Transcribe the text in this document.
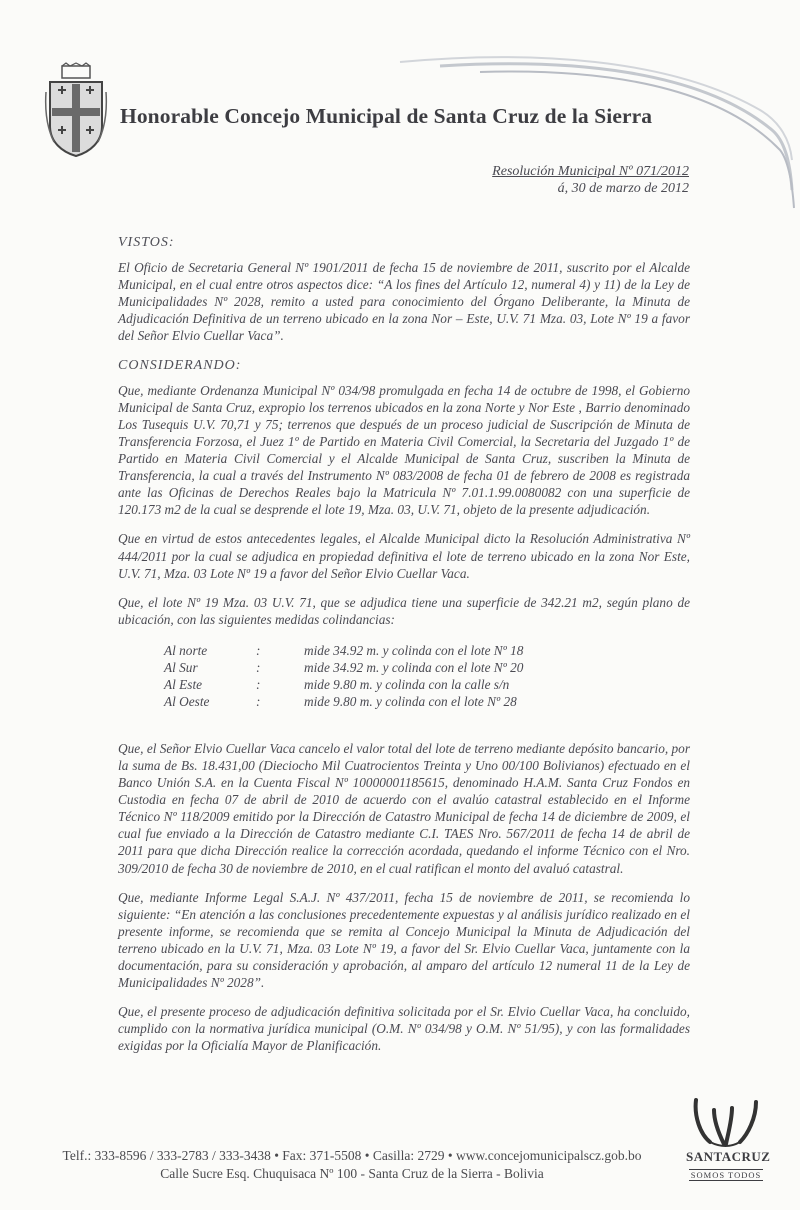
Honorable Concejo Municipal de Santa Cruz de la Sierra
Resolución Municipal Nº 071/2012
á, 30 de marzo de 2012
VISTOS:

El Oficio de Secretaria General Nº 1901/2011 de fecha 15 de noviembre de 2011, suscrito por el Alcalde Municipal, en el cual entre otros aspectos dice: “A los fines del Artículo 12, numeral 4) y 11) de la Ley de Municipalidades Nº 2028, remito a usted para conocimiento del Órgano Deliberante, la Minuta de Adjudicación Definitiva de un terreno ubicado en la zona Nor – Este, U.V. 71 Mza. 03, Lote Nº 19 a favor del Señor Elvio Cuellar Vaca”.

CONSIDERANDO:

Que, mediante Ordenanza Municipal Nº 034/98 promulgada en fecha 14 de octubre de 1998, el Gobierno Municipal de Santa Cruz, expropio los terrenos ubicados en la zona Norte y Nor Este , Barrio denominado Los Tusequis U.V. 70,71 y 75; terrenos que después de un proceso judicial de Suscripción de Minuta de Transferencia Forzosa, el Juez 1º de Partido en Materia Civil Comercial, la Secretaria del Juzgado 1º de Partido en Materia Civil Comercial y el Alcalde Municipal de Santa Cruz, suscriben la Minuta de Transferencia, la cual a través del Instrumento Nº 083/2008 de fecha 01 de febrero de 2008 es registrada ante las Oficinas de Derechos Reales bajo la Matricula Nº 7.01.1.99.0080082 con una superficie de 120.173 m2 de la cual se desprende el lote 19, Mza. 03, U.V. 71, objeto de la presente adjudicación.

Que en virtud de estos antecedentes legales, el Alcalde Municipal dicto la Resolución Administrativa Nº 444/2011 por la cual se adjudica en propiedad definitiva el lote de terreno ubicado en la zona Nor Este, U.V. 71, Mza. 03 Lote Nº 19 a favor del Señor Elvio Cuellar Vaca.

Que, el lote Nº 19 Mza. 03 U.V. 71, que se adjudica tiene una superficie de 342.21 m2, según plano de ubicación, con las siguientes medidas colindancias:

Al norte	:	mide 34.92 m. y colinda con el lote Nº 18
Al Sur	:	mide 34.92 m. y colinda con el lote Nº 20
Al Este	:	mide 9.80 m. y colinda con la calle s/n
Al Oeste	:	mide 9.80 m. y colinda con el lote Nº 28

Que, el Señor Elvio Cuellar Vaca cancelo el valor total del lote de terreno mediante depósito bancario, por la suma de Bs. 18.431,00 (Dieciocho Mil Cuatrocientos Treinta y Uno 00/100 Bolivianos) efectuado en el Banco Unión S.A. en la Cuenta Fiscal Nº 10000001185615, denominado H.A.M. Santa Cruz Fondos en Custodia en fecha 07 de abril de 2010 de acuerdo con el avalúo catastral establecido en el Informe Técnico Nº 118/2009 emitido por la Dirección de Catastro Municipal de fecha 14 de diciembre de 2009, el cual fue enviado a la Dirección de Catastro mediante C.I. TAES Nro. 567/2011 de fecha 14 de abril de 2011 para que dicha Dirección realice la corrección acordada, quedando el informe Técnico con el Nro. 309/2010 de fecha 30 de noviembre de 2010, en el cual ratifican el monto del avaluó catastral.

Que, mediante Informe Legal S.A.J. Nº 437/2011, fecha 15 de noviembre de 2011, se recomienda lo siguiente: “En atención a las conclusiones precedentemente expuestas y al análisis jurídico realizado en el presente informe, se recomienda que se remita al Concejo Municipal la Minuta de Adjudicación del terreno ubicado en la U.V. 71, Mza. 03 Lote Nº 19, a favor del Sr. Elvio Cuellar Vaca, juntamente con la documentación, para su consideración y aprobación, al amparo del artículo 12 numeral 11 de la Ley de Municipalidades Nº 2028”.

Que, el presente proceso de adjudicación definitiva solicitada por el Sr. Elvio Cuellar Vaca, ha concluido, cumplido con la normativa jurídica municipal (O.M. Nº 034/98 y O.M. Nº 51/95), y con las formalidades exigidas por la Oficialía Mayor de Planificación.

Telf.: 333-8596 / 333-2783 / 333-3438 • Fax: 371-5508 • Casilla: 2729 • www.concejomunicipalscz.gob.bo
Calle Sucre Esq. Chuquisaca Nº 100 - Santa Cruz de la Sierra - Bolivia
SANTACRUZ
SOMOS TODOS
